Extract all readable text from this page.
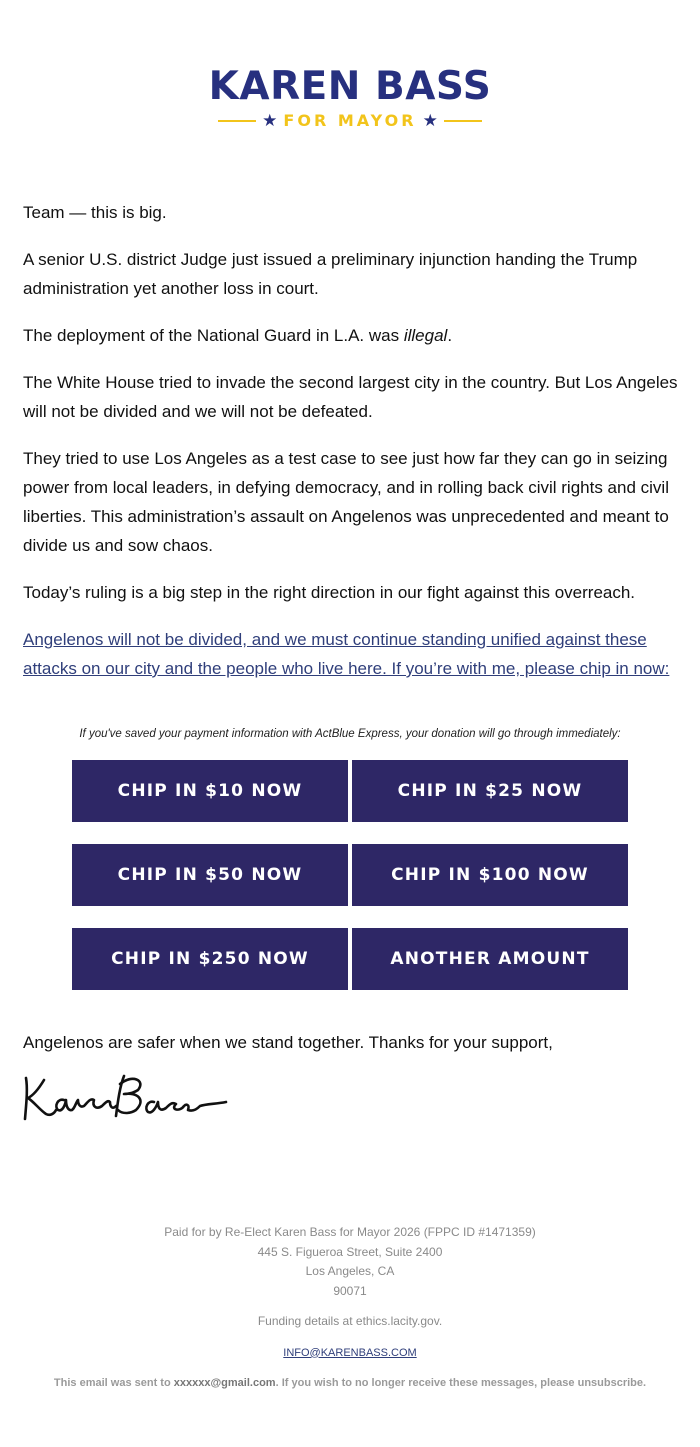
KAREN BASS
★ FOR MAYOR ★

Team — this is big.

A senior U.S. district Judge just issued a preliminary injunction handing the Trump administration yet another loss in court.

The deployment of the National Guard in L.A. was illegal.

The White House tried to invade the second largest city in the country. But Los Angeles will not be divided and we will not be defeated.

They tried to use Los Angeles as a test case to see just how far they can go in seizing power from local leaders, in defying democracy, and in rolling back civil rights and civil liberties. This administration’s assault on Angelenos was unprecedented and meant to divide us and sow chaos.

Today’s ruling is a big step in the right direction in our fight against this overreach.

Angelenos will not be divided, and we must continue standing unified against these attacks on our city and the people who live here. If you’re with me, please chip in now:

If you've saved your payment information with ActBlue Express, your donation will go through immediately:
CHIP IN $10 NOW	CHIP IN $25 NOW
CHIP IN $50 NOW	CHIP IN $100 NOW
CHIP IN $250 NOW	ANOTHER AMOUNT

Angelenos are safer when we stand together. Thanks for your support,

Paid for by Re-Elect Karen Bass for Mayor 2026 (FPPC ID #1471359)
445 S. Figueroa Street, Suite 2400
Los Angeles, CA
90071
Funding details at ethics.lacity.gov.
INFO@KARENBASS.COM
This email was sent to xxxxxx@gmail.com. If you wish to no longer receive these messages, please unsubscribe.
